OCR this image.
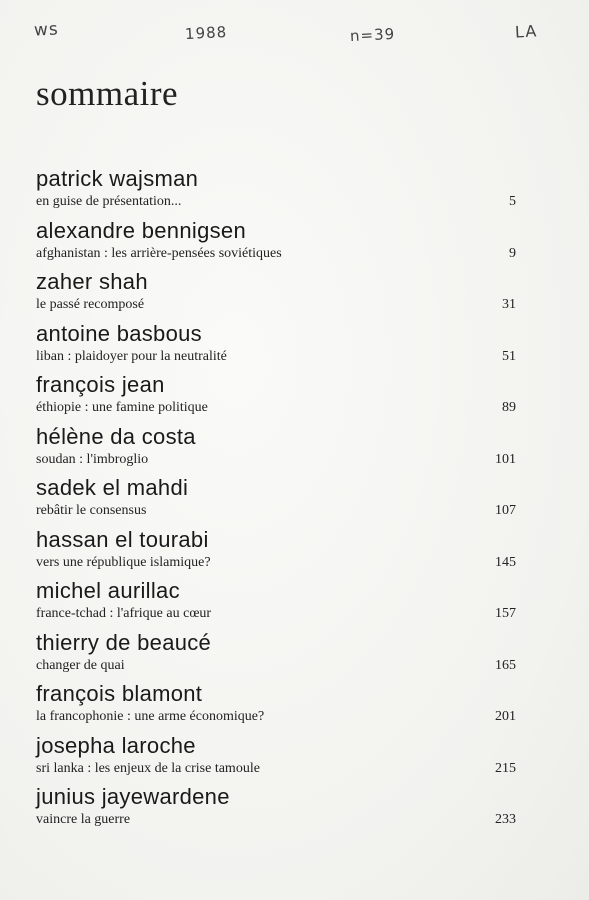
ws	1988	n=39	LA
sommaire
patrick wajsman
en guise de présentation...	5
alexandre bennigsen
afghanistan : les arrière-pensées soviétiques	9
zaher shah
le passé recomposé	31
antoine basbous
liban : plaidoyer pour la neutralité	51
françois jean
éthiopie : une famine politique	89
hélène da costa
soudan : l'imbroglio	101
sadek el mahdi
rebâtir le consensus	107
hassan el tourabi
vers une république islamique?	145
michel aurillac
france-tchad : l'afrique au cœur	157
thierry de beaucé
changer de quai	165
françois blamont
la francophonie : une arme économique?	201
josepha laroche
sri lanka : les enjeux de la crise tamoule	215
junius jayewardene
vaincre la guerre	233
